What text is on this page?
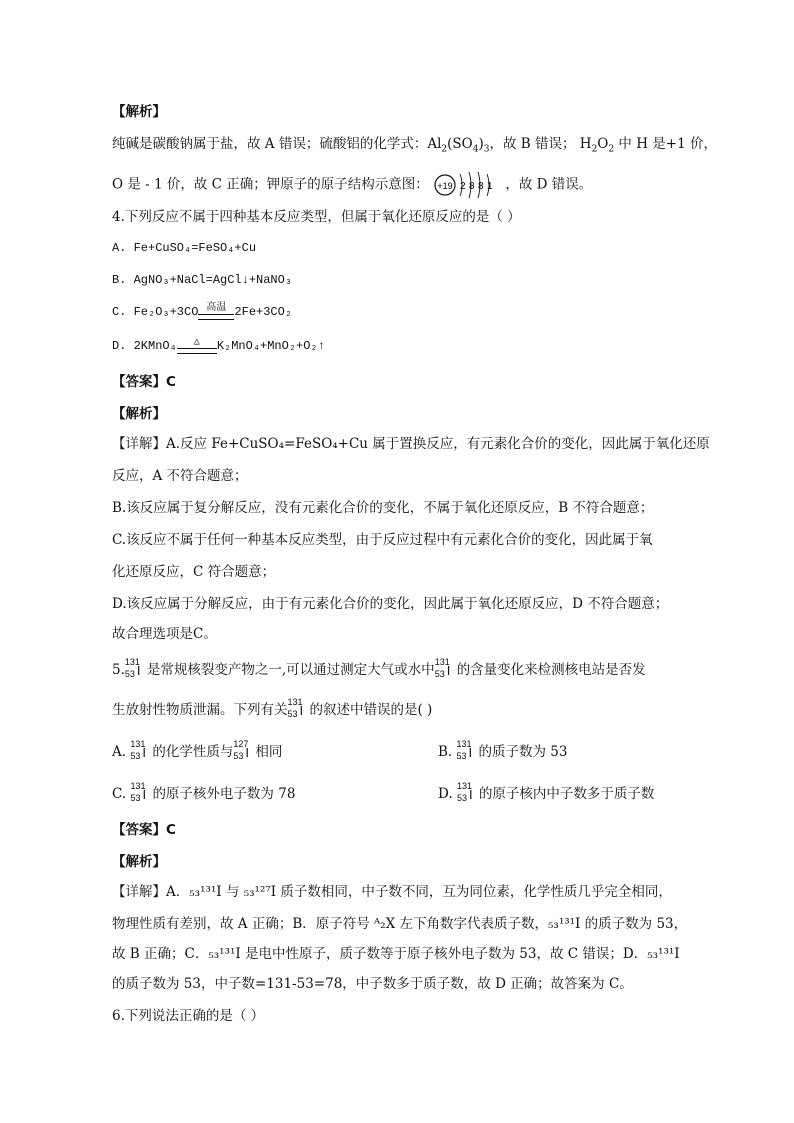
【解析】
纯碱是碳酸钠属于盐，故 A 错误；硫酸铝的化学式：$Al_2(SO_4)_3$，故 B 错误； $H_2O_2$ 中 H 是+1 价，
O 是 - 1 价，故 C 正确；钾原子的原子结构示意图： +19 2 8 8 1 ，故 D 错误。
4.下列反应不属于四种基本反应类型，但属于氧化还原反应的是（ ）
A. Fe+CuSO₄=FeSO₄+Cu
B. AgNO₃+NaCl=AgCl↓+NaNO₃
C. Fe₂O₃+3CO 高温 2Fe+3CO₂
D. 2KMnO₄	△	K₂MnO₄+MnO₂+O₂↑
【答案】C
【解析】
【详解】A.反应 Fe+CuSO₄=FeSO₄+Cu 属于置换反应，有元素化合价的变化，因此属于氧化还原
反应，A 不符合题意；
B.该反应属于复分解反应，没有元素化合价的变化，不属于氧化还原反应，B 不符合题意；
C.该反应不属于任何一种基本反应类型，由于反应过程中有元素化合价的变化，因此属于氧
化还原反应，C 符合题意；
D.该反应属于分解反应，由于有元素化合价的变化，因此属于氧化还原反应，D 不符合题意；
故合理选项是C。
5.
131
53 I 是常规核裂变产物之一,可以通过测定大气或水中
131
53 I 的含量变化来检测核电站是否发
生放射性物质泄漏。下列有关
131
53 I 的叙述中错误的是( )
A.
131
53 I 的化学性质与
127
53 I 相同	B.
131
53 I 的质子数为 53
C.
131
53 I 的原子核外电子数为 78	D.
131
53 I 的原子核内中子数多于质子数
【答案】C
【解析】
【详解】A．₅₃¹³¹I 与 ₅₃¹²⁷I 质子数相同，中子数不同，互为同位素，化学性质几乎完全相同，
物理性质有差别，故 A 正确；B．原子符号 ᴬ₂X 左下角数字代表质子数，₅₃¹³¹I 的质子数为 53，
故 B 正确；C．₅₃¹³¹I 是电中性原子，质子数等于原子核外电子数为 53，故 C 错误；D．₅₃¹³¹I
的质子数为 53，中子数=131-53=78，中子数多于质子数，故 D 正确；故答案为 C。
6.下列说法正确的是（ ）
